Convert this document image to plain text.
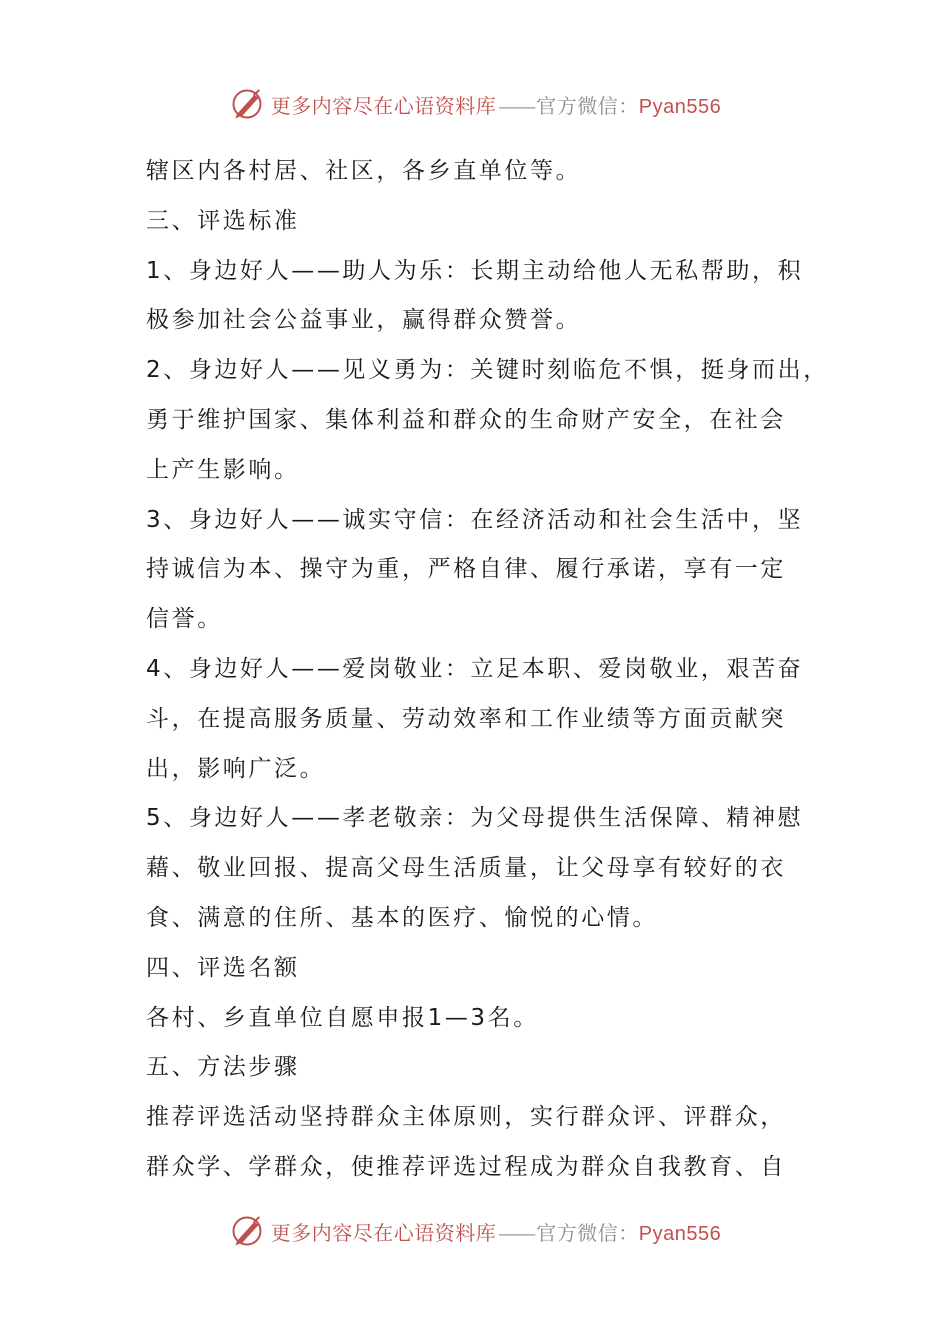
更多内容尽在心语资料库 —— 官方微信：Pyan556

辖区内各村居、社区，各乡直单位等。

三、评选标准

1、身边好人——助人为乐：长期主动给他人无私帮助，积

极参加社会公益事业，赢得群众赞誉。

2、身边好人——见义勇为：关键时刻临危不惧，挺身而出，

勇于维护国家、集体利益和群众的生命财产安全，在社会

上产生影响。

3、身边好人——诚实守信：在经济活动和社会生活中，坚

持诚信为本、操守为重，严格自律、履行承诺，享有一定

信誉。

4、身边好人——爱岗敬业：立足本职、爱岗敬业，艰苦奋

斗，在提高服务质量、劳动效率和工作业绩等方面贡献突

出，影响广泛。

5、身边好人——孝老敬亲：为父母提供生活保障、精神慰

藉、敬业回报、提高父母生活质量，让父母享有较好的衣

食、满意的住所、基本的医疗、愉悦的心情。

四、评选名额

各村、乡直单位自愿申报1—3名。

五、方法步骤

推荐评选活动坚持群众主体原则，实行群众评、评群众，

群众学、学群众，使推荐评选过程成为群众自我教育、自

更多内容尽在心语资料库 —— 官方微信：Pyan556
